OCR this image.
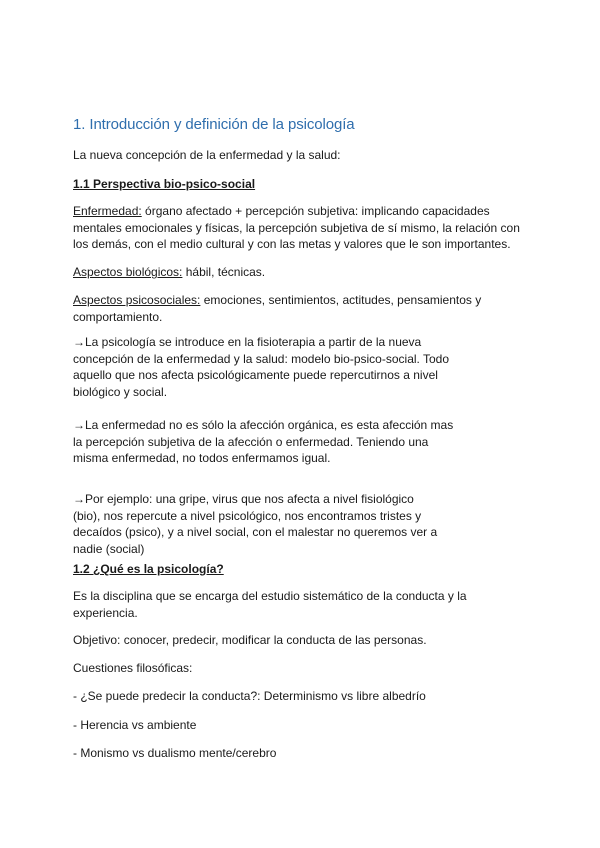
1. Introducción y definición de la psicología

La nueva concepción de la enfermedad y la salud:

1.1 Perspectiva bio-psico-social

Enfermedad: órgano afectado + percepción subjetiva: implicando capacidades mentales emocionales y físicas, la percepción subjetiva de sí mismo, la relación con los demás, con el medio cultural y con las metas y valores que le son importantes.

Aspectos biológicos: hábil, técnicas.

Aspectos psicosociales: emociones, sentimientos, actitudes, pensamientos y comportamiento.

→La psicología se introduce en la fisioterapia a partir de la nueva concepción de la enfermedad y la salud: modelo bio-psico-social. Todo aquello que nos afecta psicológicamente puede repercutirnos a nivel biológico y social.

→La enfermedad no es sólo la afección orgánica, es esta afección mas la percepción subjetiva de la afección o enfermedad. Teniendo una misma enfermedad, no todos enfermamos igual.

→Por ejemplo: una gripe, virus que nos afecta a nivel fisiológico (bio), nos repercute a nivel psicológico, nos encontramos tristes y decaídos (psico), y a nivel social, con el malestar no queremos ver a nadie (social)

1.2 ¿Qué es la psicología?

Es la disciplina que se encarga del estudio sistemático de la conducta y la experiencia.

Objetivo: conocer, predecir, modificar la conducta de las personas.

Cuestiones filosóficas:

- ¿Se puede predecir la conducta?: Determinismo vs libre albedrío

- Herencia vs ambiente

- Monismo vs dualismo mente/cerebro
